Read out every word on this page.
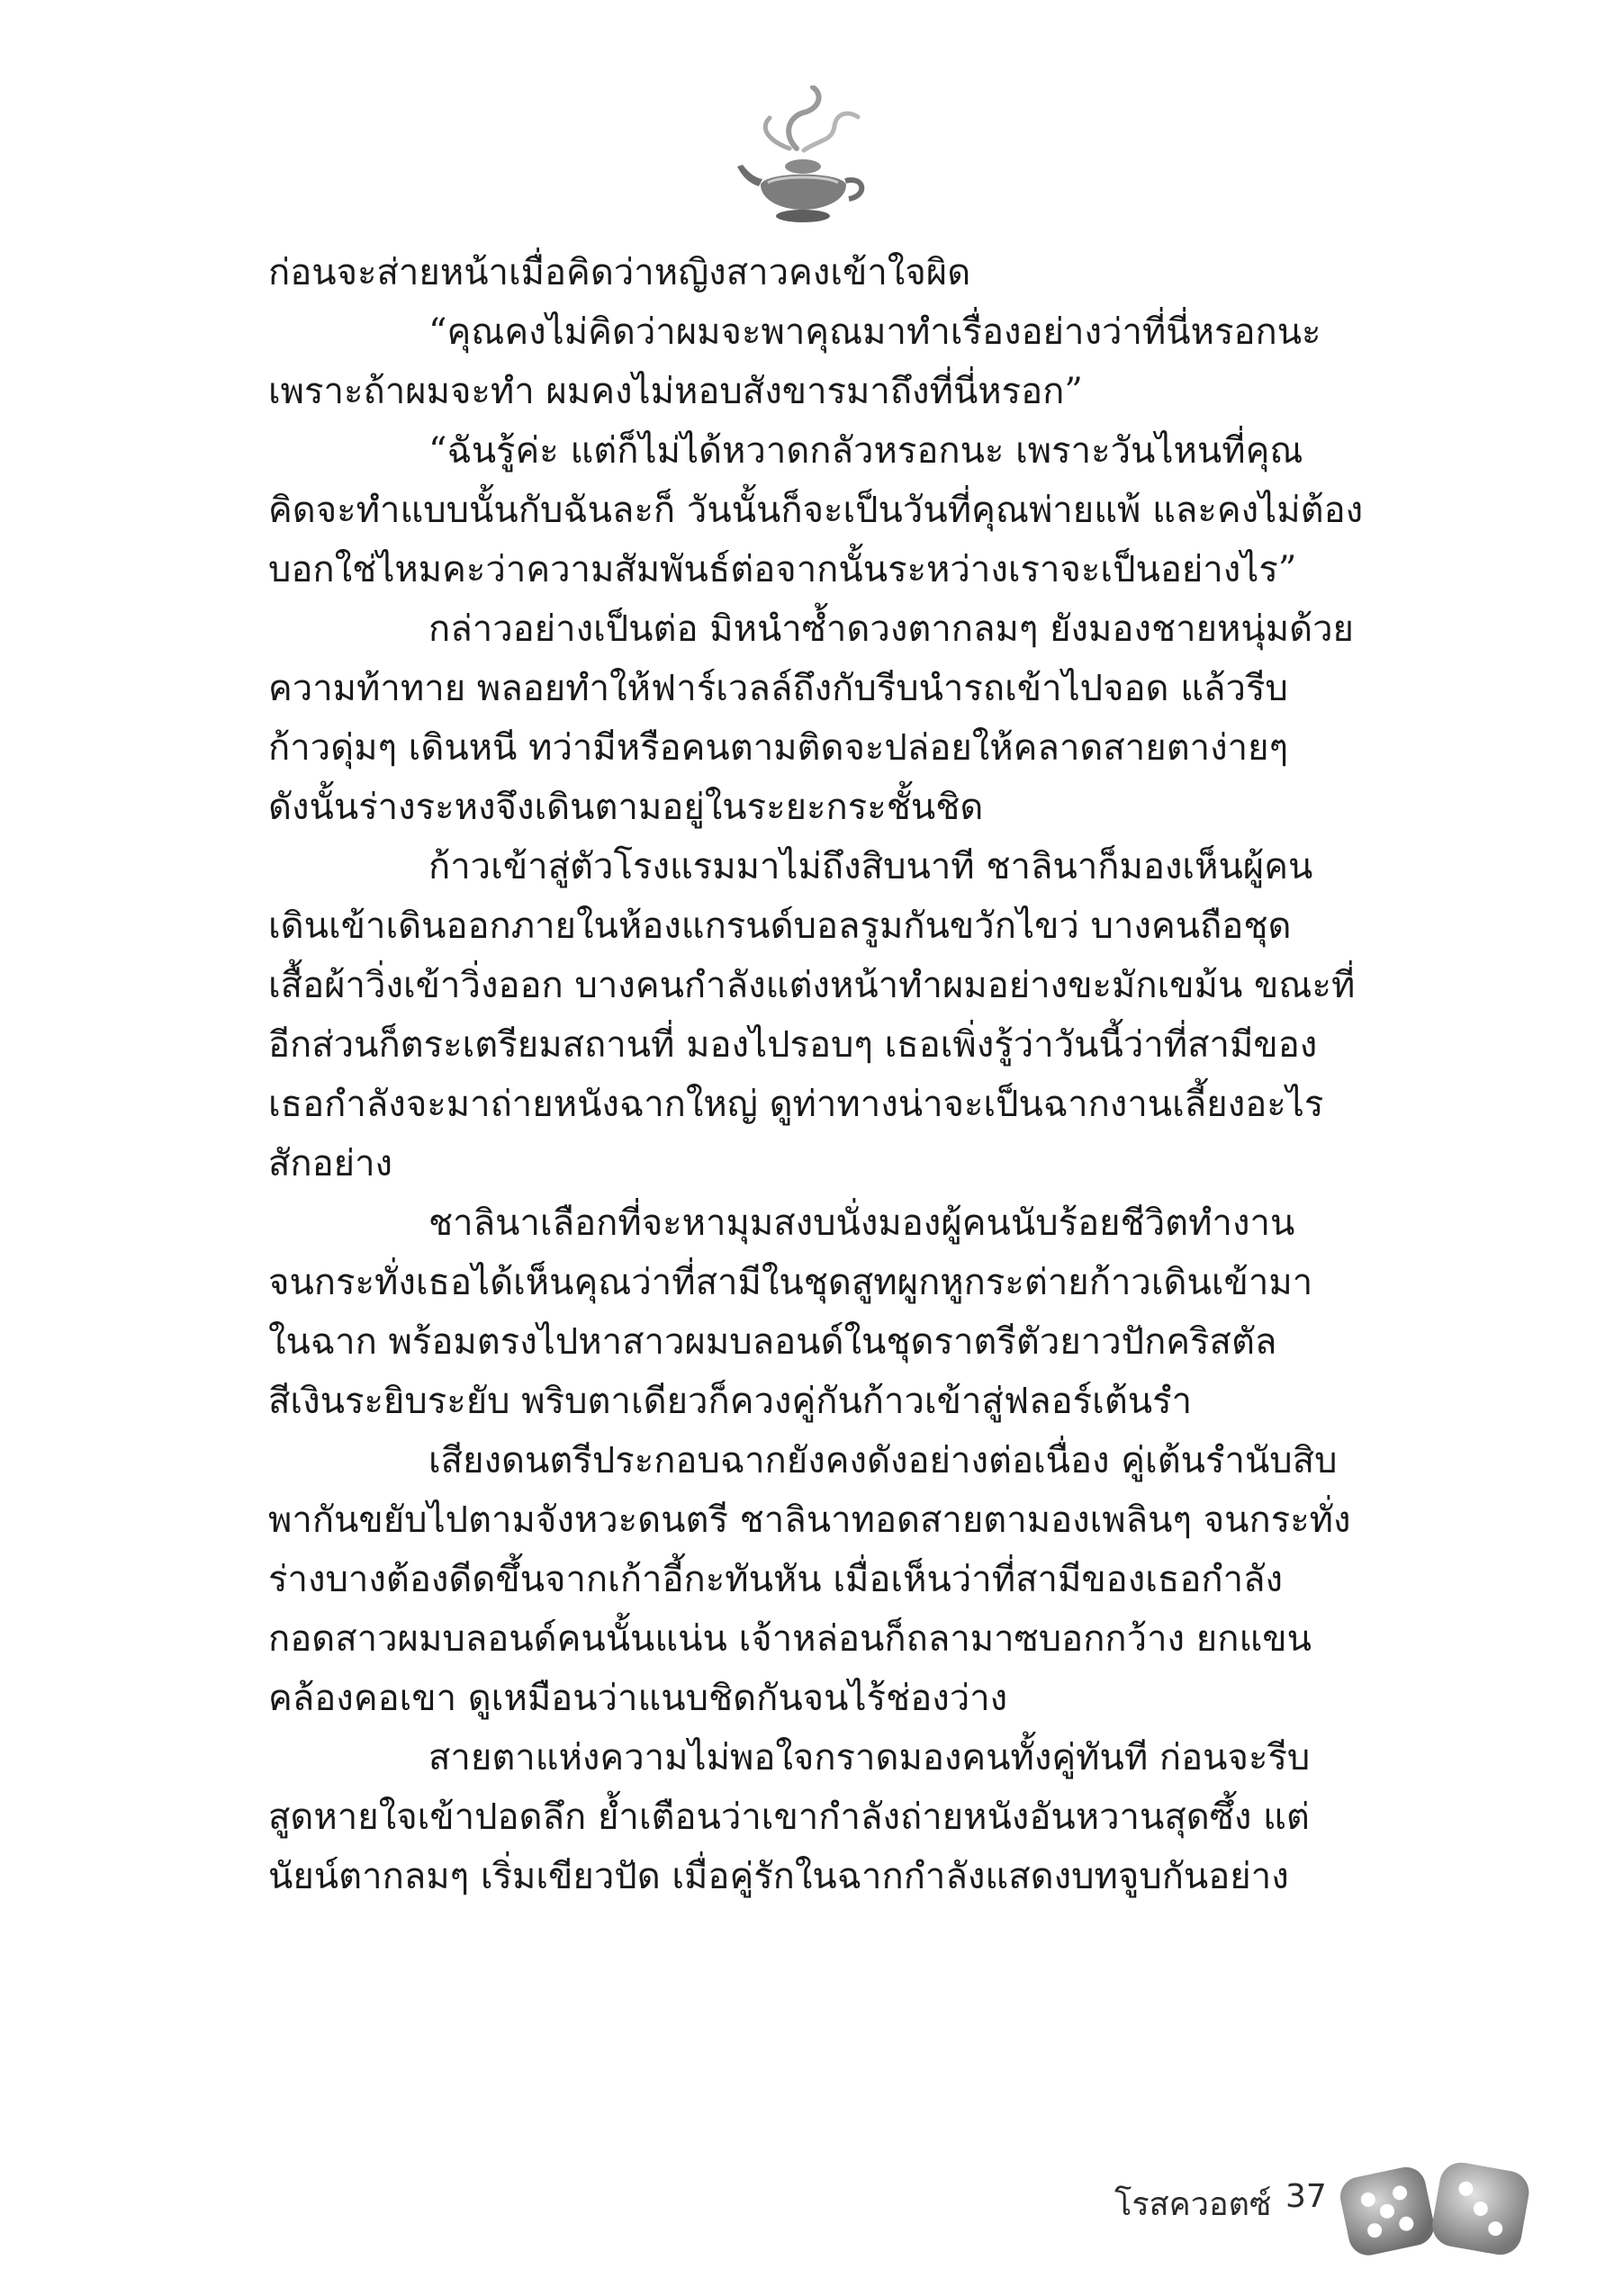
ก่อนจะส่ายหน้าเมื่อคิดว่าหญิงสาวคงเข้าใจผิด
“คุณคงไม่คิดว่าผมจะพาคุณมาทำเรื่องอย่างว่าที่นี่หรอกนะ
เพราะถ้าผมจะทำ ผมคงไม่หอบสังขารมาถึงที่นี่หรอก”
“ฉันรู้ค่ะ แต่ก็ไม่ได้หวาดกลัวหรอกนะ เพราะวันไหนที่คุณ
คิดจะทำแบบนั้นกับฉันละก็ วันนั้นก็จะเป็นวันที่คุณพ่ายแพ้ และคงไม่ต้อง
บอกใช่ไหมคะว่าความสัมพันธ์ต่อจากนั้นระหว่างเราจะเป็นอย่างไร”
กล่าวอย่างเป็นต่อ มิหนำซ้ำดวงตากลมๆ ยังมองชายหนุ่มด้วย
ความท้าทาย พลอยทำให้ฟาร์เวลล์ถึงกับรีบนำรถเข้าไปจอด แล้วรีบ
ก้าวดุ่มๆ เดินหนี ทว่ามีหรือคนตามติดจะปล่อยให้คลาดสายตาง่ายๆ
ดังนั้นร่างระหงจึงเดินตามอยู่ในระยะกระชั้นชิด
ก้าวเข้าสู่ตัวโรงแรมมาไม่ถึงสิบนาที ชาลินาก็มองเห็นผู้คน
เดินเข้าเดินออกภายในห้องแกรนด์บอลรูมกันขวักไขว่ บางคนถือชุด
เสื้อผ้าวิ่งเข้าวิ่งออก บางคนกำลังแต่งหน้าทำผมอย่างขะมักเขม้น ขณะที่
อีกส่วนก็ตระเตรียมสถานที่ มองไปรอบๆ เธอเพิ่งรู้ว่าวันนี้ว่าที่สามีของ
เธอกำลังจะมาถ่ายหนังฉากใหญ่ ดูท่าทางน่าจะเป็นฉากงานเลี้ยงอะไร
สักอย่าง
ชาลินาเลือกที่จะหามุมสงบนั่งมองผู้คนนับร้อยชีวิตทำงาน
จนกระทั่งเธอได้เห็นคุณว่าที่สามีในชุดสูทผูกหูกระต่ายก้าวเดินเข้ามา
ในฉาก พร้อมตรงไปหาสาวผมบลอนด์ในชุดราตรีตัวยาวปักคริสตัล
สีเงินระยิบระยับ พริบตาเดียวก็ควงคู่กันก้าวเข้าสู่ฟลอร์เต้นรำ
เสียงดนตรีประกอบฉากยังคงดังอย่างต่อเนื่อง คู่เต้นรำนับสิบ
พากันขยับไปตามจังหวะดนตรี ชาลินาทอดสายตามองเพลินๆ จนกระทั่ง
ร่างบางต้องดีดขึ้นจากเก้าอี้กะทันหัน เมื่อเห็นว่าที่สามีของเธอกำลัง
กอดสาวผมบลอนด์คนนั้นแน่น เจ้าหล่อนก็ถลามาซบอกกว้าง ยกแขน
คล้องคอเขา ดูเหมือนว่าแนบชิดกันจนไร้ช่องว่าง
สายตาแห่งความไม่พอใจกราดมองคนทั้งคู่ทันที ก่อนจะรีบ
สูดหายใจเข้าปอดลึก ย้ำเตือนว่าเขากำลังถ่ายหนังอันหวานสุดซึ้ง แต่
นัยน์ตากลมๆ เริ่มเขียวปัด เมื่อคู่รักในฉากกำลังแสดงบทจูบกันอย่าง
โรสควอตซ์ 37
